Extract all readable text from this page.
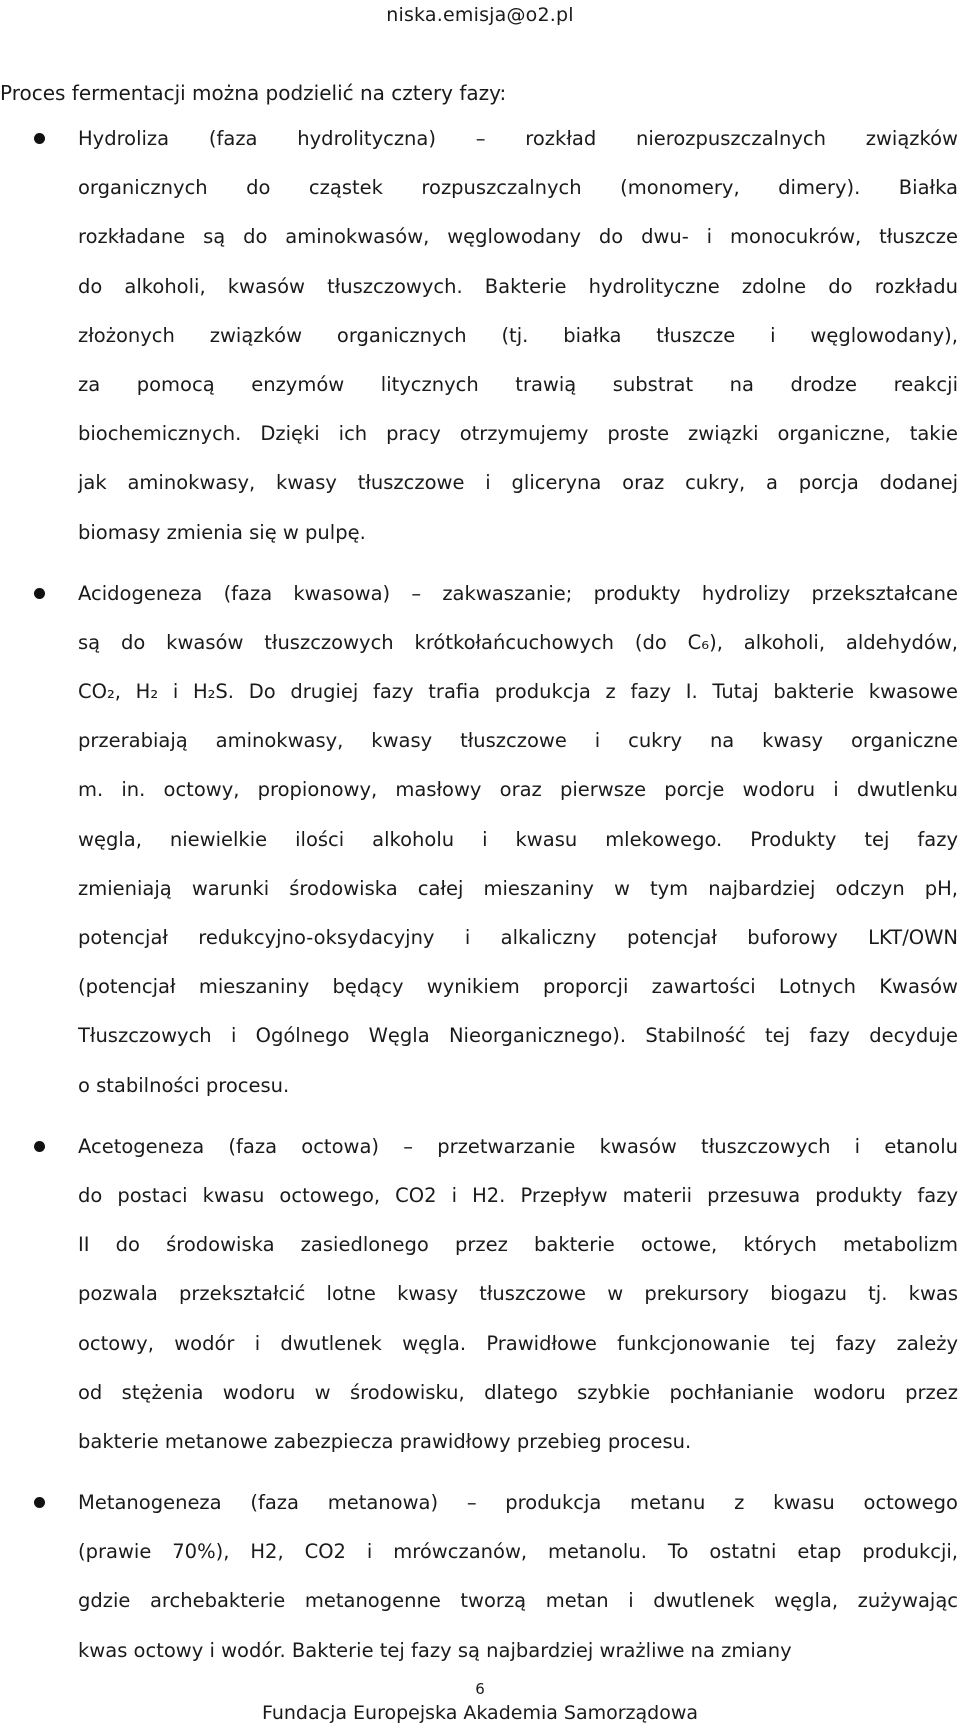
niska.emisja@o2.pl
Proces fermentacji można podzielić na cztery fazy:
Hydroliza (faza hydrolityczna) – rozkład nierozpuszczalnych związków
organicznych do cząstek rozpuszczalnych (monomery, dimery). Białka
rozkładane są do aminokwasów, węglowodany do dwu- i monocukrów, tłuszcze
do alkoholi, kwasów tłuszczowych. Bakterie hydrolityczne zdolne do rozkładu
złożonych związków organicznych (tj. białka tłuszcze i węglowodany),
za pomocą enzymów litycznych trawią substrat na drodze reakcji
biochemicznych. Dzięki ich pracy otrzymujemy proste związki organiczne, takie
jak aminokwasy, kwasy tłuszczowe i gliceryna oraz cukry, a porcja dodanej
biomasy zmienia się w pulpę.
Acidogeneza (faza kwasowa) – zakwaszanie; produkty hydrolizy przekształcane
są do kwasów tłuszczowych krótkołańcuchowych (do C₆), alkoholi, aldehydów,
CO₂, H₂ i H₂S. Do drugiej fazy trafia produkcja z fazy I. Tutaj bakterie kwasowe
przerabiają aminokwasy, kwasy tłuszczowe i cukry na kwasy organiczne
m. in. octowy, propionowy, masłowy oraz pierwsze porcje wodoru i dwutlenku
węgla, niewielkie ilości alkoholu i kwasu mlekowego. Produkty tej fazy
zmieniają warunki środowiska całej mieszaniny w tym najbardziej odczyn pH,
potencjał redukcyjno-oksydacyjny i alkaliczny potencjał buforowy LKT/OWN
(potencjał mieszaniny będący wynikiem proporcji zawartości Lotnych Kwasów
Tłuszczowych i Ogólnego Węgla Nieorganicznego). Stabilność tej fazy decyduje
o stabilności procesu.
Acetogeneza (faza octowa) – przetwarzanie kwasów tłuszczowych i etanolu
do postaci kwasu octowego, CO2 i H2. Przepływ materii przesuwa produkty fazy
II do środowiska zasiedlonego przez bakterie octowe, których metabolizm
pozwala przekształcić lotne kwasy tłuszczowe w prekursory biogazu tj. kwas
octowy, wodór i dwutlenek węgla. Prawidłowe funkcjonowanie tej fazy zależy
od stężenia wodoru w środowisku, dlatego szybkie pochłanianie wodoru przez
bakterie metanowe zabezpiecza prawidłowy przebieg procesu.
Metanogeneza (faza metanowa) – produkcja metanu z kwasu octowego
(prawie 70%), H2, CO2 i mrówczanów, metanolu. To ostatni etap produkcji,
gdzie archebakterie metanogenne tworzą metan i dwutlenek węgla, zużywając
kwas octowy i wodór. Bakterie tej fazy są najbardziej wrażliwe na zmiany
6
Fundacja Europejska Akademia Samorządowa
